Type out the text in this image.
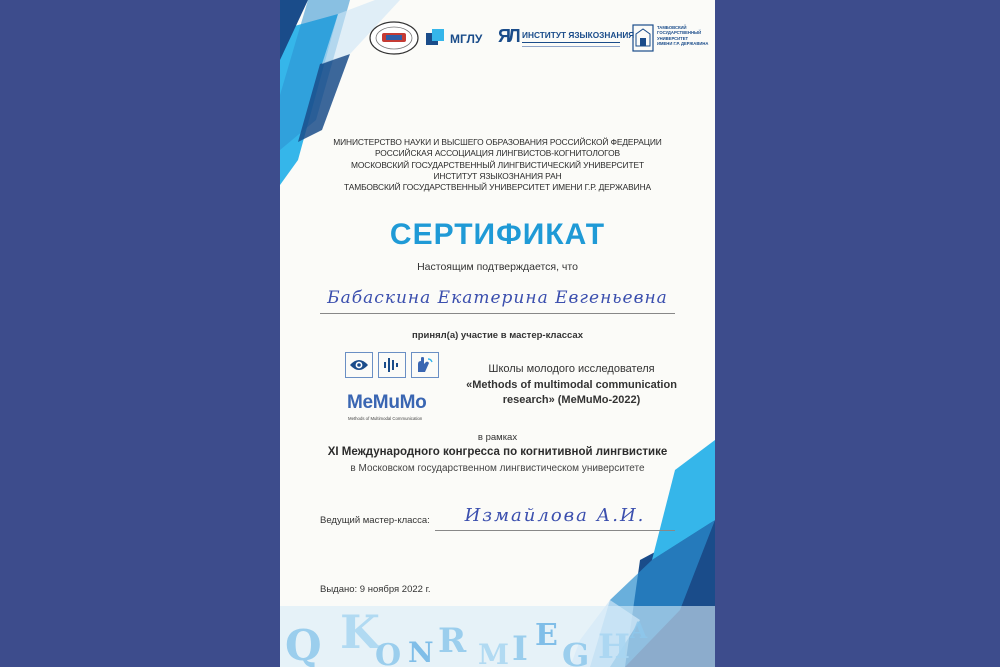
Q K
O N R M I E
G H A
МГЛУ ЯЛ ИНСТИТУТ ЯЗЫКОЗНАНИЯ
ТАМБОВСКИЙ
ГОСУДАРСТВЕННЫЙ
УНИВЕРСИТЕТ
ИМЕНИ Г.Р. ДЕРЖАВИНА
МИНИСТЕРСТВО НАУКИ И ВЫСШЕГО ОБРАЗОВАНИЯ РОССИЙСКОЙ ФЕДЕРАЦИИ
РОССИЙСКАЯ АССОЦИАЦИЯ ЛИНГВИСТОВ-КОГНИТОЛОГОВ
МОСКОВСКИЙ ГОСУДАРСТВЕННЫЙ ЛИНГВИСТИЧЕСКИЙ УНИВЕРСИТЕТ
ИНСТИТУТ ЯЗЫКОЗНАНИЯ РАН
ТАМБОВСКИЙ ГОСУДАРСТВЕННЫЙ УНИВЕРСИТЕТ ИМЕНИ Г.Р. ДЕРЖАВИНА
СЕРТИФИКАТ
Настоящим подтверждается, что
Бабаскина Екатерина Евгеньевна
принял(а) участие в мастер-классах
MeMuMo
Methods of Multimodal Communication
Школы молодого исследователя
«Methods of multimodal communication
research» (MeMuMo-2022)
в рамках
XI Международного конгресса по когнитивной лингвистике
в Московском государственном лингвистическом университете
Ведущий мастер-класса:	Измайлова А.И.
Выдано: 9 ноября 2022 г.
